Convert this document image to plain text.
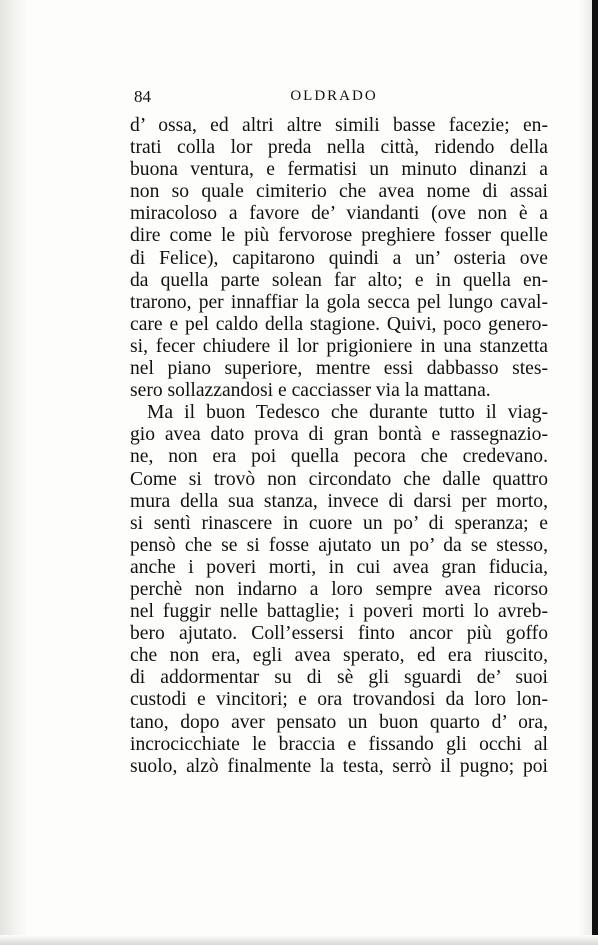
84	OLDRADO
d’ ossa, ed altri altre simili basse facezie; en-
trati colla lor preda nella città, ridendo della
buona ventura, e fermatisi un minuto dinanzi a
non so quale cimiterio che avea nome di assai
miracoloso a favore de’ viandanti (ove non è a
dire come le più fervorose preghiere fosser quelle
di Felice), capitarono quindi a un’ osteria ove
da quella parte solean far alto; e in quella en-
trarono, per innaffiar la gola secca pel lungo caval-
care e pel caldo della stagione. Quivi, poco genero-
si, fecer chiudere il lor prigioniere in una stanzetta
nel piano superiore, mentre essi dabbasso stes-
sero sollazzandosi e cacciasser via la mattana.
Ma il buon Tedesco che durante tutto il viag-
gio avea dato prova di gran bontà e rassegnazio-
ne, non era poi quella pecora che credevano.
Come si trovò non circondato che dalle quattro
mura della sua stanza, invece di darsi per morto,
si sentì rinascere in cuore un po’ di speranza; e
pensò che se si fosse ajutato un po’ da se stesso,
anche i poveri morti, in cui avea gran fiducia,
perchè non indarno a loro sempre avea ricorso
nel fuggir nelle battaglie; i poveri morti lo avreb-
bero ajutato. Coll’essersi finto ancor più goffo
che non era, egli avea sperato, ed era riuscito,
di addormentar su di sè gli sguardi de’ suoi
custodi e vincitori; e ora trovandosi da loro lon-
tano, dopo aver pensato un buon quarto d’ ora,
incrocicchiate le braccia e fissando gli occhi al
suolo, alzò finalmente la testa, serrò il pugno; poi
